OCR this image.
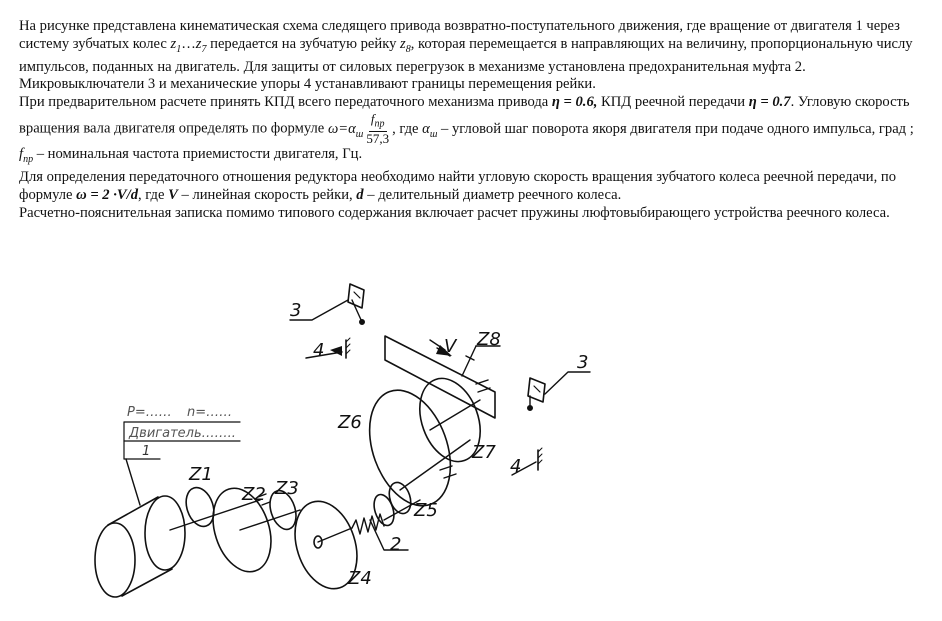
На рисунке представлена кинематическая схема следящего привода возвратно-поступательного движения, где вращение от двигателя 1 через систему зубчатых колес $z_1\dots z_7$ передается на зубчатую рейку $z_8$, которая перемещается в направляющих на величину, пропорциональную числу импульсов, поданных на двигатель. Для защиты от силовых перегрузок в механизме установлена предохранительная муфта 2. Микровыключатели 3 и механические упоры 4 устанавливают границы перемещения рейки.

При предварительном расчете принять КПД всего передаточного механизма привода η = 0.6, КПД реечной передачи η = 0.7. Угловую скорость вращения вала двигателя определять по формуле $\omega=\alpha_ш \frac{f_{пр}}{57,3}$ , где $\alpha_ш$ – угловой шаг поворота якоря двигателя при подаче одного импульса, град ; $f_{пр}$ – номинальная частота приемистости двигателя, Гц.

Для определения передаточного отношения редуктора необходимо найти угловую скорость вращения зубчатого колеса реечной передачи, по формуле ω = 2 ·V/d, где V – линейная скорость рейки, d – делительный диаметр реечного колеса.

Расчетно-пояснительная записка помимо типового содержания включает расчет пружины люфтовыбирающего устройства реечного колеса.

P=…… n=……
Двигатель……..
1
Z1
Z2 Z3
Z4
Z5
Z6
Z7
Z8
2
3
3
4
4
V
